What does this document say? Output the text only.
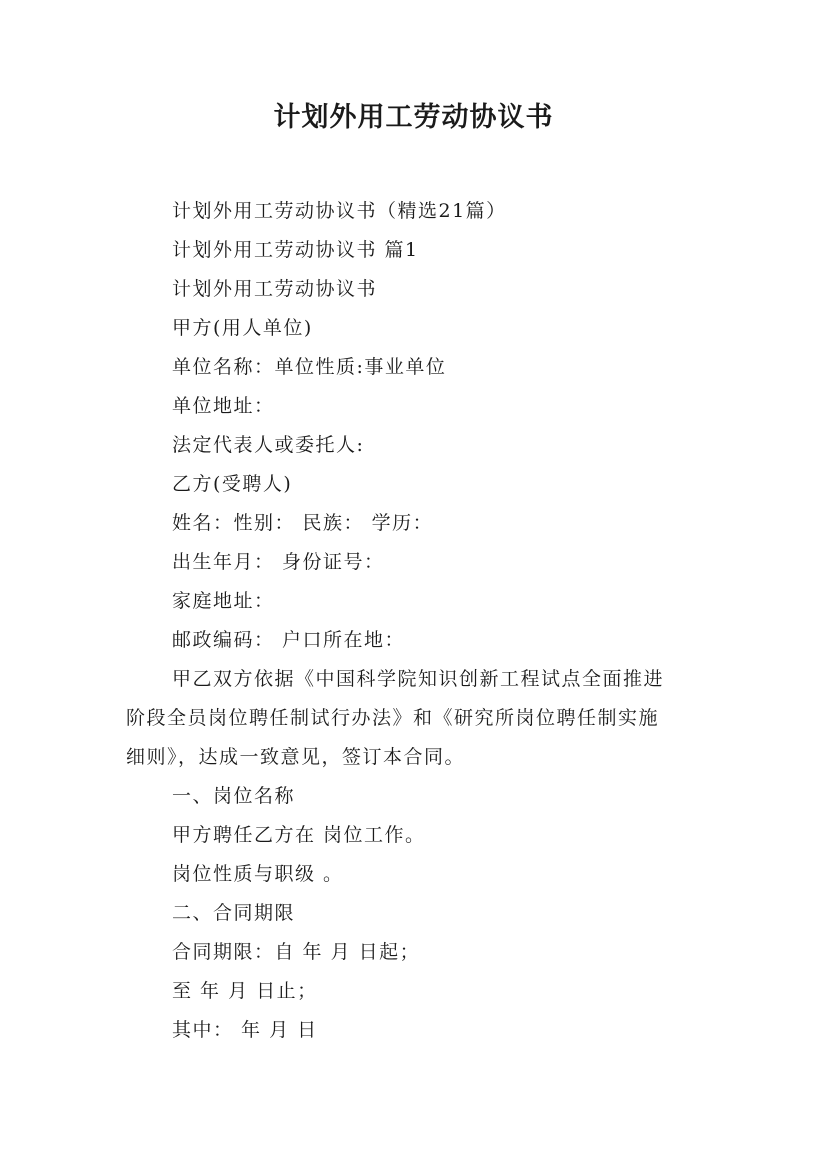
计划外用工劳动协议书
计划外用工劳动协议书（精选21篇）
计划外用工劳动协议书 篇1
计划外用工劳动协议书
甲方(用人单位)
单位名称：单位性质:事业单位
单位地址：
法定代表人或委托人:
乙方(受聘人)
姓名：性别： 民族： 学历：
出生年月： 身份证号：
家庭地址：
邮政编码： 户口所在地：
甲乙双方依据《中国科学院知识创新工程试点全面推进
阶段全员岗位聘任制试行办法》和《研究所岗位聘任制实施
细则》，达成一致意见，签订本合同。
一、岗位名称
甲方聘任乙方在 岗位工作。
岗位性质与职级 。
二、合同期限
合同期限：自 年 月 日起；
至 年 月 日止；
其中： 年 月 日
